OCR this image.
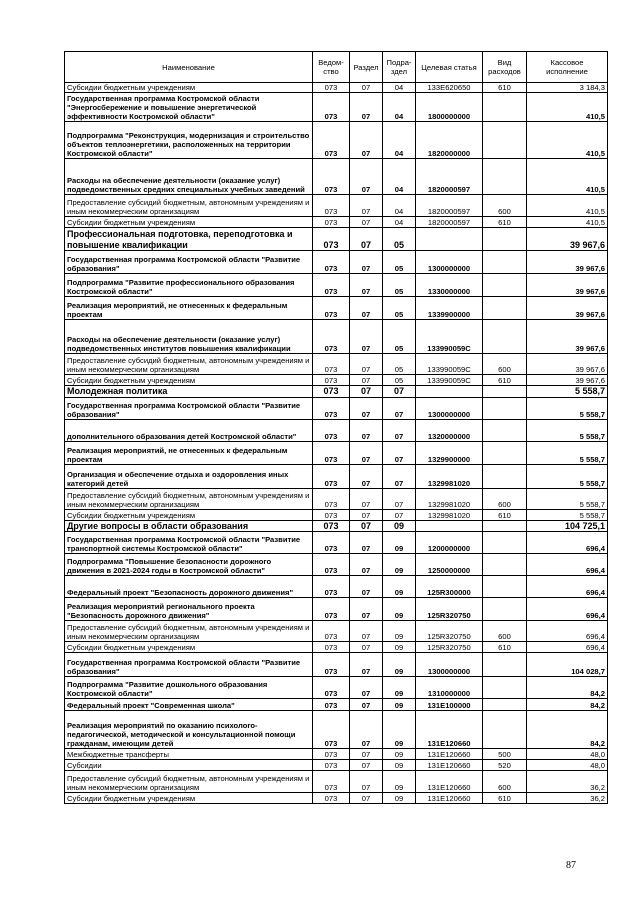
Наименование	Ведом-ство	Раздел	Подра-здел	Целевая статья	Вид расходов	Кассовое исполнение
Субсидии бюджетным учреждениям	073	07	04	133E620650	610	3 184,3
Государственная программа Костромской области "Энергосбережение и повышение энергетической эффективности Костромской области"	073	07	04	1800000000		410,5
Подпрограмма "Реконструкция, модернизация и строительство объектов теплоэнергетики, расположенных на территории Костромской области"	073	07	04	1820000000		410,5
Расходы на обеспечение деятельности (оказание услуг) подведомственных средних специальных учебных заведений	073	07	04	1820000597		410,5
Предоставление субсидий бюджетным, автономным учреждениям и иным некоммерческим организациям	073	07	04	1820000597	600	410,5
Субсидии бюджетным учреждениям	073	07	04	1820000597	610	410,5
Профессиональная подготовка, переподготовка и повышение квалификации	073	07	05			39 967,6
Государственная программа Костромской области "Развитие образования"	073	07	05	1300000000		39 967,6
Подпрограмма "Развитие профессионального образования Костромской области"	073	07	05	1330000000		39 967,6
Реализация мероприятий, не отнесенных к федеральным проектам	073	07	05	1339900000		39 967,6
Расходы на обеспечение деятельности (оказание услуг) подведомственных институтов повышения квалификации	073	07	05	133990059С		39 967,6
Предоставление субсидий бюджетным, автономным учреждениям и иным некоммерческим организациям	073	07	05	133990059С	600	39 967,6
Субсидии бюджетным учреждениям	073	07	05	133990059С	610	39 967,6
Молодежная политика	073	07	07			5 558,7
Государственная программа Костромской области "Развитие образования"	073	07	07	1300000000		5 558,7
дополнительного образования детей Костромской области"	073	07	07	1320000000		5 558,7
Реализация мероприятий, не отнесенных к федеральным проектам	073	07	07	1329900000		5 558,7
Организация и обеспечение отдыха и оздоровления иных категорий детей	073	07	07	1329981020		5 558,7
Предоставление субсидий бюджетным, автономным учреждениям и иным некоммерческим организациям	073	07	07	1329981020	600	5 558,7
Субсидии бюджетным учреждениям	073	07	07	1329981020	610	5 558,7
Другие вопросы в области образования	073	07	09			104 725,1
Государственная программа Костромской области "Развитие транспортной системы Костромской области"	073	07	09	1200000000		696,4
Подпрограмма "Повышение безопасности дорожного движения в 2021-2024 годы в Костромской области"	073	07	09	1250000000		696,4
Федеральный проект "Безопасность дорожного движения"	073	07	09	125R300000		696,4
Реализация мероприятий регионального проекта "Безопасность дорожного движения"	073	07	09	125R320750		696,4
Предоставление субсидий бюджетным, автономным учреждениям и иным некоммерческим организациям	073	07	09	125R320750	600	696,4
Субсидии бюджетным учреждениям	073	07	09	125R320750	610	696,4
Государственная программа Костромской области "Развитие образования"	073	07	09	1300000000		104 028,7
Подпрограмма "Развитие дошкольного образования Костромской области"	073	07	09	1310000000		84,2
Федеральный проект "Современная школа"	073	07	09	131E100000		84,2
Реализация мероприятий по оказанию психолого-педагогической, методической и консультационной помощи гражданам, имеющим детей	073	07	09	131E120660		84,2
Межбюджетные трансферты	073	07	09	131E120660	500	48,0
Субсидии	073	07	09	131E120660	520	48,0
Предоставление субсидий бюджетным, автономным учреждениям и иным некоммерческим организациям	073	07	09	131E120660	600	36,2
Субсидии бюджетным учреждениям	073	07	09	131E120660	610	36,2
87
